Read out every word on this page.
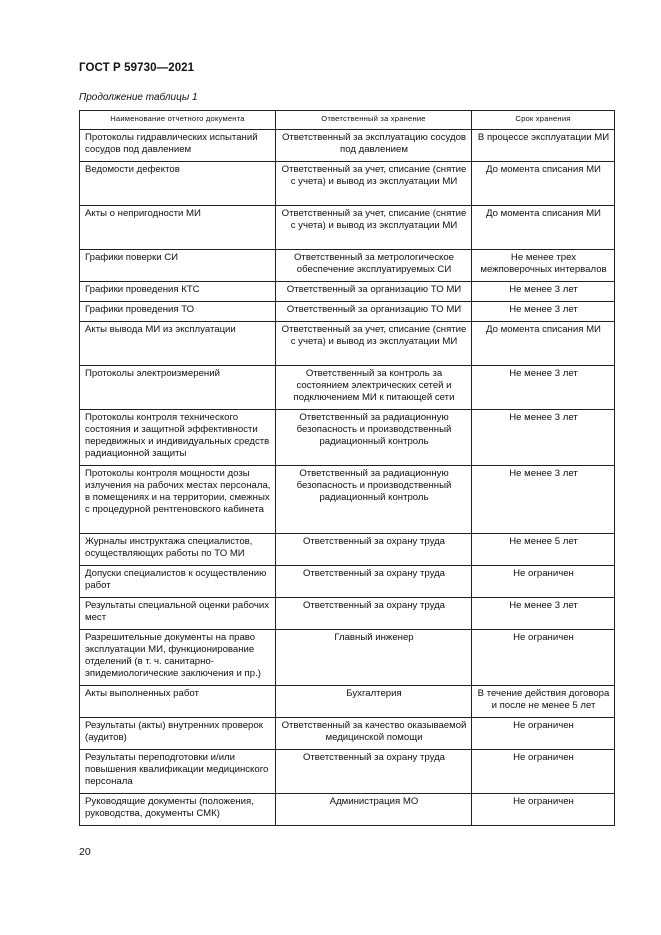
ГОСТ Р 59730—2021
Продолжение таблицы 1
Наименование отчетного документа	Ответственный за хранение	Срок хранения
Протоколы гидравлических испытаний сосудов под давлением	Ответственный за эксплуатацию сосудов под давлением	В процессе эксплуатации МИ
Ведомости дефектов	Ответственный за учет, списание (снятие с учета) и вывод из эксплуатации МИ	До момента списания МИ
Акты о непригодности МИ	Ответственный за учет, списание (снятие с учета) и вывод из эксплуатации МИ	До момента списания МИ
Графики поверки СИ	Ответственный за метрологическое обеспечение эксплуатируемых СИ	Не менее трех межповерочных интервалов
Графики проведения КТС	Ответственный за организацию ТО МИ	Не менее 3 лет
Графики проведения ТО	Ответственный за организацию ТО МИ	Не менее 3 лет
Акты вывода МИ из эксплуатации	Ответственный за учет, списание (снятие с учета) и вывод из эксплуатации МИ	До момента списания МИ
Протоколы электроизмерений	Ответственный за контроль за состоянием электрических сетей и подключением МИ к питающей сети	Не менее 3 лет
Протоколы контроля технического состояния и защитной эффективности передвижных и индивидуальных средств радиационной защиты	Ответственный за радиационную безопасность и производственный радиационный контроль	Не менее 3 лет
Протоколы контроля мощности дозы излучения на рабочих местах персонала, в помещениях и на территории, смежных с процедурной рентгеновского кабинета	Ответственный за радиационную безопасность и производственный радиационный контроль	Не менее 3 лет
Журналы инструктажа специалистов, осуществляющих работы по ТО МИ	Ответственный за охрану труда	Не менее 5 лет
Допуски специалистов к осуществлению работ	Ответственный за охрану труда	Не ограничен
Результаты специальной оценки рабочих мест	Ответственный за охрану труда	Не менее 3 лет
Разрешительные документы на право эксплуатации МИ, функционирование отделений (в т. ч. санитарно-эпидемиологические заключения и пр.)	Главный инженер	Не ограничен
Акты выполненных работ	Бухгалтерия	В течение действия договора и после не менее 5 лет
Результаты (акты) внутренних проверок (аудитов)	Ответственный за качество оказываемой медицинской помощи	Не ограничен
Результаты переподготовки и/или повышения квалификации медицинского персонала	Ответственный за охрану труда	Не ограничен
Руководящие документы (положения, руководства, документы СМК)	Администрация МО	Не ограничен
20
